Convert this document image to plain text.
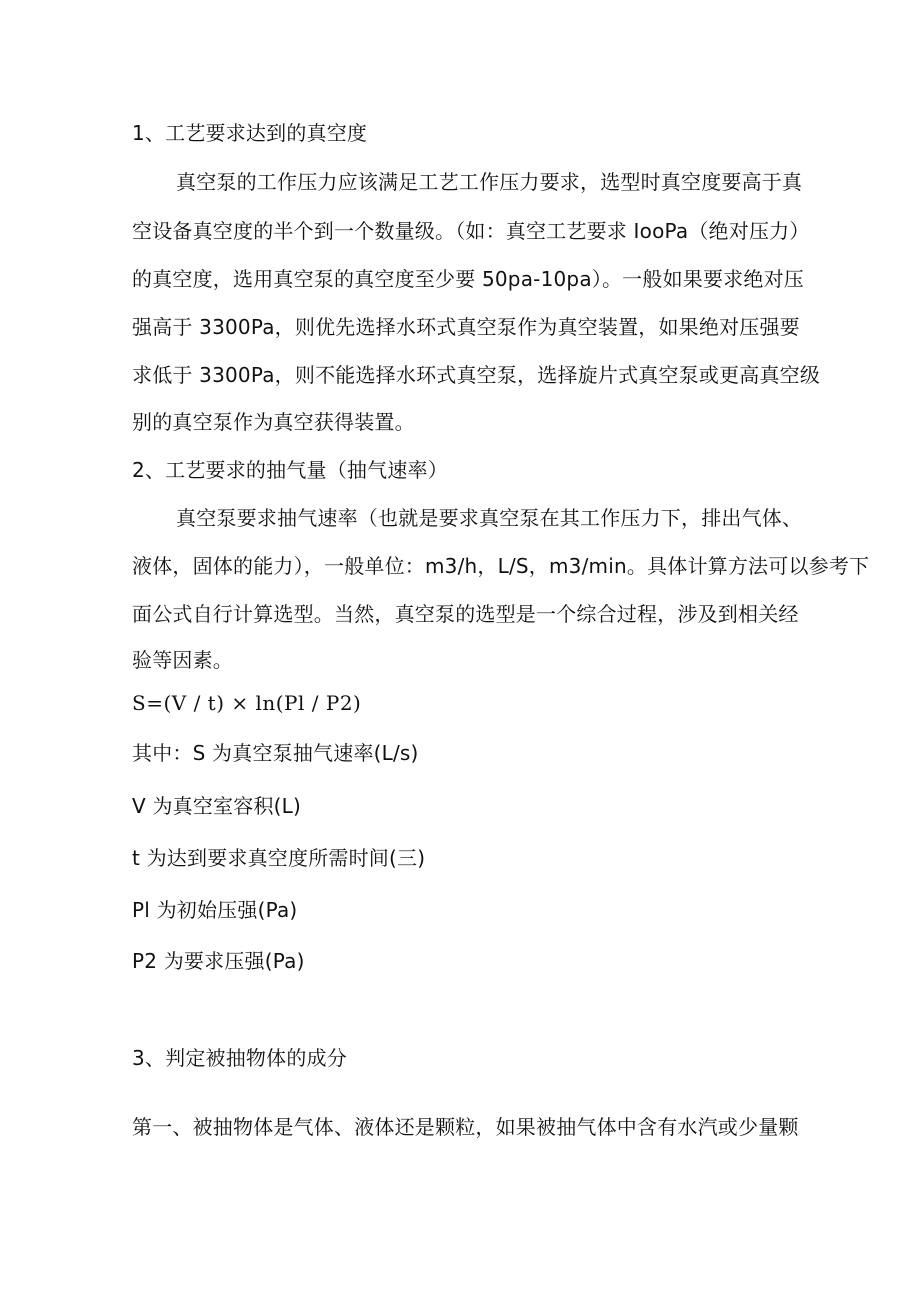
1、工艺要求达到的真空度
真空泵的工作压力应该满足工艺工作压力要求，选型时真空度要高于真
空设备真空度的半个到一个数量级。（如：真空工艺要求 IooPa（绝对压力）
的真空度，选用真空泵的真空度至少要 50pa-10pa）。一般如果要求绝对压
强高于 3300Pa，则优先选择水环式真空泵作为真空装置，如果绝对压强要
求低于 3300Pa，则不能选择水环式真空泵，选择旋片式真空泵或更高真空级
别的真空泵作为真空获得装置。
2、工艺要求的抽气量（抽气速率）
真空泵要求抽气速率（也就是要求真空泵在其工作压力下，排出气体、
液体，固体的能力），一般单位：m3/h，L/S，m3/min。具体计算方法可以参考下
面公式自行计算选型。当然，真空泵的选型是一个综合过程，涉及到相关经
验等因素。
S=(V / t) × ln(Pl / P2)
其中：S 为真空泵抽气速率(L/s)
V 为真空室容积(L)
t 为达到要求真空度所需时间(三)
Pl 为初始压强(Pa)
P2 为要求压强(Pa)
3、判定被抽物体的成分
第一、被抽物体是气体、液体还是颗粒，如果被抽气体中含有水汽或少量颗
